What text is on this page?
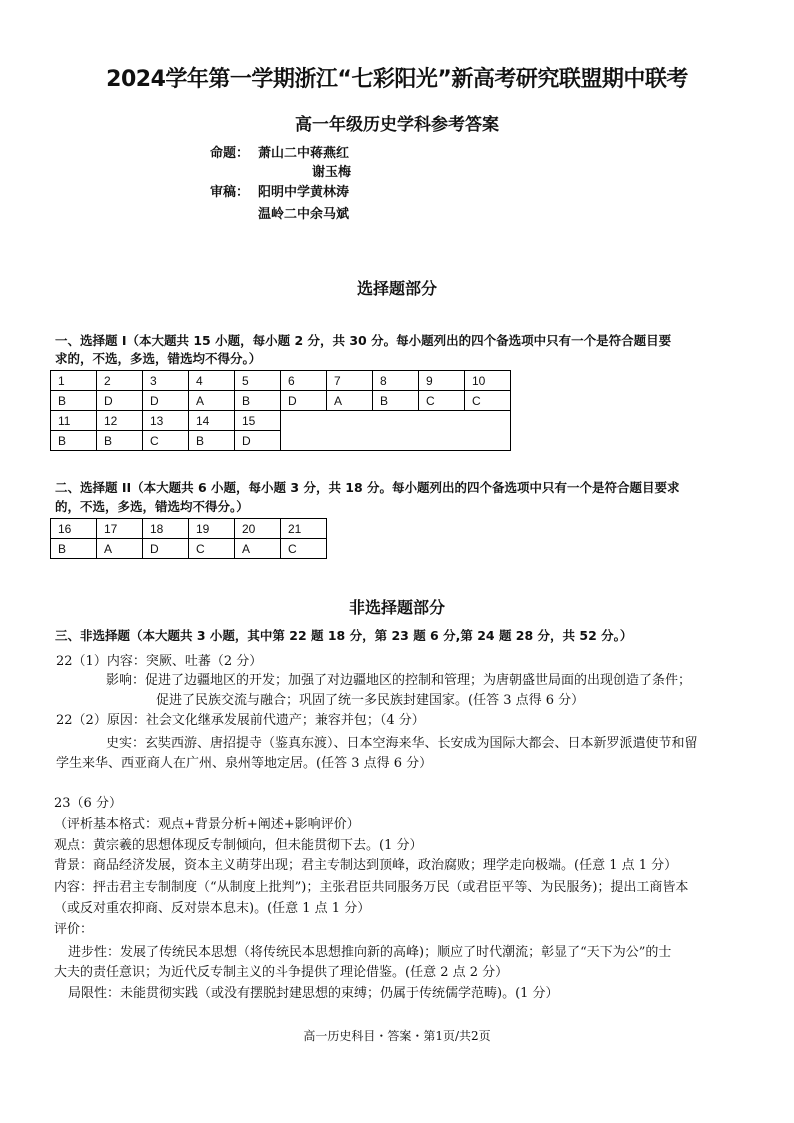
2024学年第一学期浙江“七彩阳光”新高考研究联盟期中联考
高一年级历史学科参考答案
命题： 萧山二中蒋燕红
谢玉梅
审稿： 阳明中学黄林涛
温岭二中余马斌
选择题部分
一、选择题 I（本大题共 15 小题，每小题 2 分，共 30 分。每小题列出的四个备选项中只有一个是符合题目要
求的，不选，多选，错选均不得分。）
1	2	3	4	5	6	7	8	9	10
B	D	D	A	B	D	A	B	C	C
11	12	13	14	15					
B	B	C	B	D					
二、选择题 II（本大题共 6 小题，每小题 3 分，共 18 分。每小题列出的四个备选项中只有一个是符合题目要求
的，不选，多选，错选均不得分。）
16	17	18	19	20	21
B	A	D	C	A	C
非选择题部分
三、非选择题（本大题共 3 小题，其中第 22 题 18 分，第 23 题 6 分,第 24 题 28 分，共 52 分。）
22（1）内容：突厥、吐蕃（2 分）
影响：促进了边疆地区的开发；加强了对边疆地区的控制和管理；为唐朝盛世局面的出现创造了条件；
促进了民族交流与融合；巩固了统一多民族封建国家。(任答 3 点得 6 分）
22（2）原因：社会文化继承发展前代遗产；兼容并包；（4 分）
史实：玄奘西游、唐招提寺（鉴真东渡）、日本空海来华、长安成为国际大都会、日本新罗派遣使节和留
学生来华、西亚商人在广州、泉州等地定居。(任答 3 点得 6 分）
23（6 分）
（评析基本格式：观点+背景分析+阐述+影响评价）
观点：黄宗羲的思想体现反专制倾向，但未能贯彻下去。(1 分）
背景：商品经济发展，资本主义萌芽出现；君主专制达到顶峰，政治腐败；理学走向极端。(任意 1 点 1 分）
内容：抨击君主专制制度（“从制度上批判”)；主张君臣共同服务万民（或君臣平等、为民服务)；提出工商皆本
（或反对重农抑商、反对崇本息末)。(任意 1 点 1 分）
评价：
进步性：发展了传统民本思想（将传统民本思想推向新的高峰)；顺应了时代潮流；彰显了“天下为公”的士
大夫的责任意识；为近代反专制主义的斗争提供了理论借鉴。(任意 2 点 2 分）
局限性：未能贯彻实践（或没有摆脱封建思想的束缚；仍属于传统儒学范畴)。(1 分）
高一历史科目・答案・第1页/共2页
